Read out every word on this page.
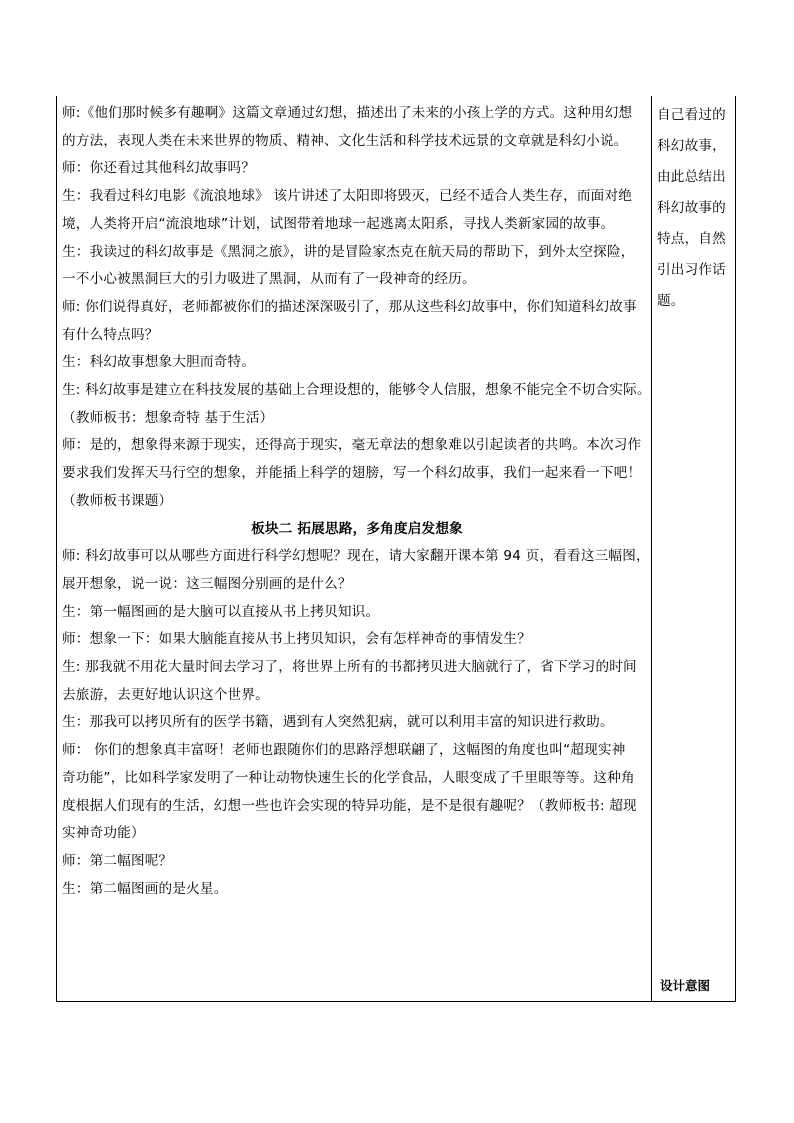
师:《他们那时候多有趣啊》这篇文章通过幻想，描述出了未来的小孩上学的方式。这种用幻想
的方法，表现人类在未来世界的物质、精神、文化生活和科学技术远景的文章就是科幻小说。
师：你还看过其他科幻故事吗？
生：我看过科幻电影《流浪地球》 该片讲述了太阳即将毁灭，已经不适合人类生存，而面对绝
境，人类将开启“流浪地球”计划，试图带着地球一起逃离太阳系，寻找人类新家园的故事。
生：我读过的科幻故事是《黑洞之旅》，讲的是冒险家杰克在航天局的帮助下，到外太空探险，
一不小心被黑洞巨大的引力吸进了黑洞，从而有了一段神奇的经历。
师: 你们说得真好，老师都被你们的描述深深吸引了，那从这些科幻故事中，你们知道科幻故事
有什么特点吗？
生：科幻故事想象大胆而奇特。
生: 科幻故事是建立在科技发展的基础上合理设想的，能够令人信服，想象不能完全不切合实际。
（教师板书：想象奇特 基于生活）
师：是的，想象得来源于现实，还得高于现实，毫无章法的想象难以引起读者的共鸣。本次习作
要求我们发挥天马行空的想象，并能插上科学的翅膀，写一个科幻故事，我们一起来看一下吧！
（教师板书课题）
板块二 拓展思路，多角度启发想象
师: 科幻故事可以从哪些方面进行科学幻想呢？现在，请大家翻开课本第 94 页，看看这三幅图，
展开想象，说一说：这三幅图分别画的是什么？
生：第一幅图画的是大脑可以直接从书上拷贝知识。
师：想象一下：如果大脑能直接从书上拷贝知识，会有怎样神奇的事情发生？
生: 那我就不用花大量时间去学习了，将世界上所有的书都拷贝进大脑就行了，省下学习的时间
去旅游，去更好地认识这个世界。
生：那我可以拷贝所有的医学书籍，遇到有人突然犯病，就可以利用丰富的知识进行救助。
师： 你们的想象真丰富呀！老师也跟随你们的思路浮想联翩了，这幅图的角度也叫“超现实神
奇功能”，比如科学家发明了一种让动物快速生长的化学食品，人眼变成了千里眼等等。这种角
度根据人们现有的生活，幻想一些也许会实现的特异功能，是不是很有趣呢？（教师板书: 超现
实神奇功能）
师：第二幅图呢？
生：第二幅图画的是火星。
自己看过的
科幻故事，
由此总结出
科幻故事的
特点，自然
引出习作话
题。
设计意图
